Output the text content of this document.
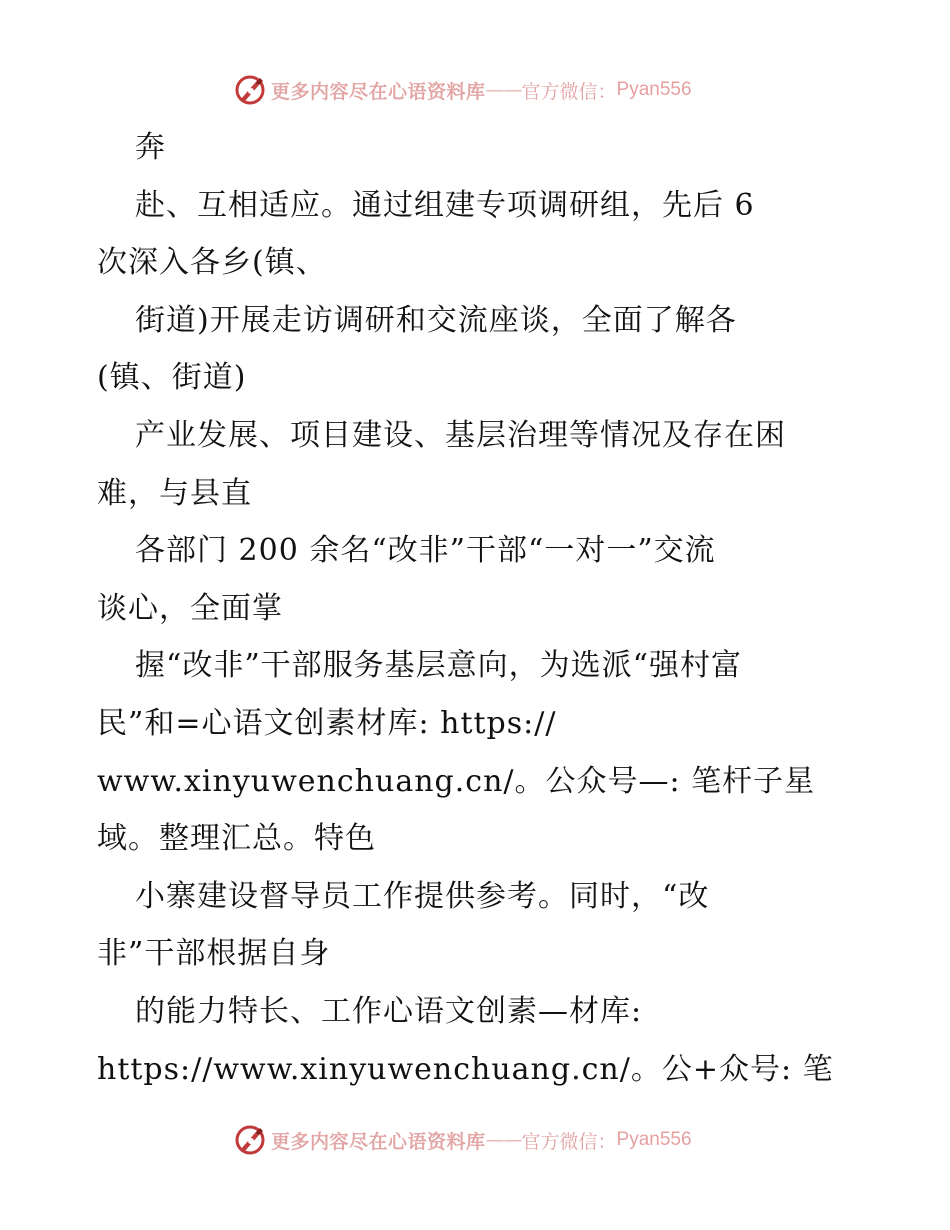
更多内容尽在心语资料库 —— 官方微信： Pyan556
奔
赴、互相适应。通过组建专项调研组，先后 6
次深入各乡(镇、
街道)开展走访调研和交流座谈，全面了解各
(镇、街道)
产业发展、项目建设、基层治理等情况及存在困
难，与县直
各部门 200 余名“改非”干部“一对一”交流
谈心，全面掌
握“改非”干部服务基层意向，为选派“强村富
民”和=心语文创素材库: https://
www.xinyuwenchuang.cn/。公众号—: 笔杆子星
域。整理汇总。特色
小寨建设督导员工作提供参考。同时，“改
非”干部根据自身
的能力特长、工作心语文创素—材库:
https://www.xinyuwenchuang.cn/。公+众号: 笔
更多内容尽在心语资料库 —— 官方微信： Pyan556
